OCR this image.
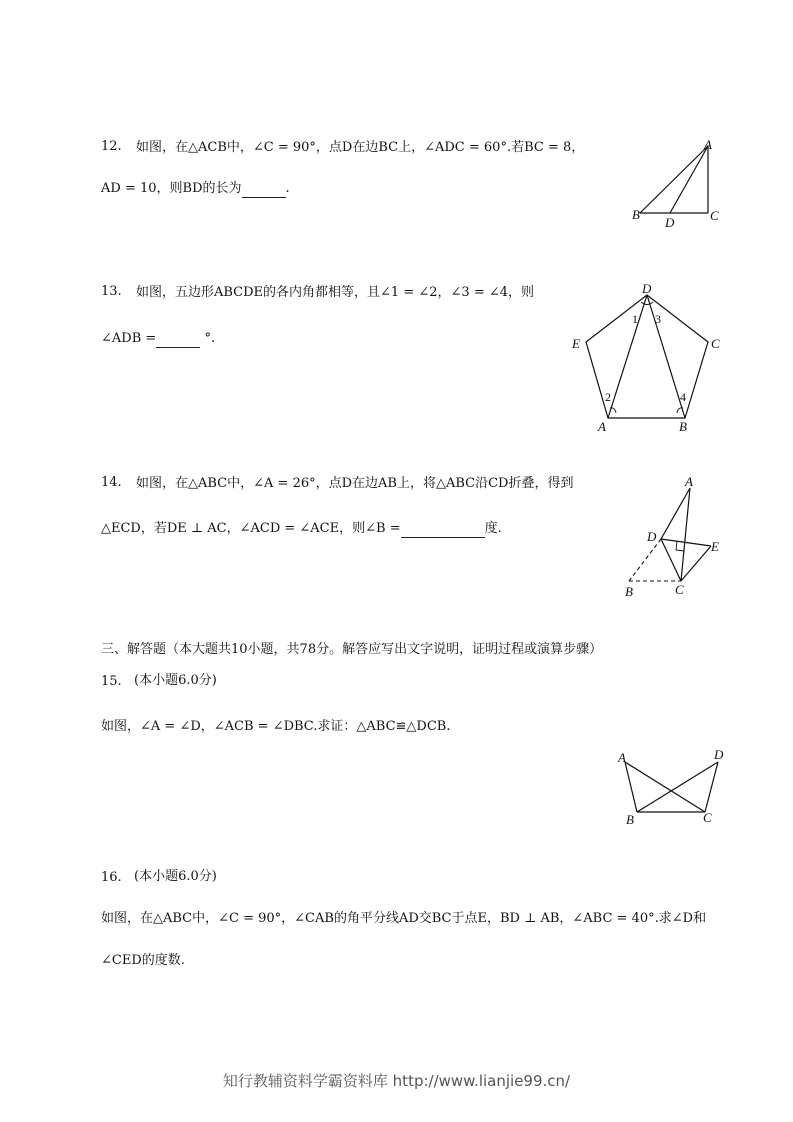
12. 如图，在△ACB中，∠C = 90°，点D在边BC上，∠ADC = 60°.若BC = 8，
AD = 10，则BD的长为	.
A
B	C
D
13. 如图，五边形ABCDE的各内角都相等，且∠1 = ∠2，∠3 = ∠4，则
∠ADB =	°.
D
E	C
A	B
1 3
2	4
14. 如图，在△ABC中，∠A = 26°，点D在边AB上，将△ABC沿CD折叠，得到
△ECD，若DE ⊥ AC，∠ACD = ∠ACE，则∠B =	度.
A
D
E
B	C
三、解答题（本大题共10小题，共78分。解答应写出文字说明，证明过程或演算步骤）
15. (本小题6.0分)
如图，∠A = ∠D，∠ACB = ∠DBC.求证：△ABC≌△DCB.
A	D
B	C
16. (本小题6.0分)
如图，在△ABC中，∠C = 90°，∠CAB的角平分线AD交BC于点E，BD ⊥ AB，∠ABC = 40°.求∠D和
∠CED的度数.
知行教辅资料学霸资料库 http://www.lianjie99.cn/
